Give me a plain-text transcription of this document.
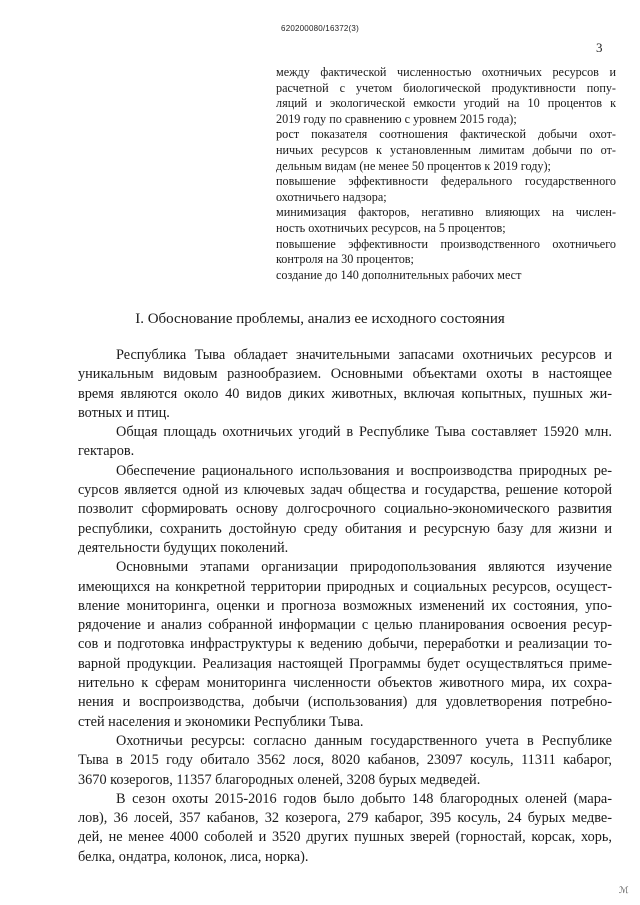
620200080/16372(3)
3
между фактической численностью охотничьих ресурсов и
расчетной с учетом биологической продуктивности попу-
ляций и экологической емкости угодий на 10 процентов к
2019 году по сравнению с уровнем 2015 года);
рост показателя соотношения фактической добычи охот-
ничьих ресурсов к установленным лимитам добычи по от-
дельным видам (не менее 50 процентов к 2019 году);
повышение эффективности федерального государственного
охотничьего надзора;
минимизация факторов, негативно влияющих на числен-
ность охотничьих ресурсов, на 5 процентов;
повышение эффективности производственного охотничьего
контроля на 30 процентов;
создание до 140 дополнительных рабочих мест
I. Обоснование проблемы, анализ ее исходного состояния
Республика Тыва обладает значительными запасами охотничьих ресурсов и
уникальным видовым разнообразием. Основными объектами охоты в настоящее
время являются около 40 видов диких животных, включая копытных, пушных жи-
вотных и птиц.
Общая площадь охотничьих угодий в Республике Тыва составляет 15920 млн.
гектаров.
Обеспечение рационального использования и воспроизводства природных ре-
сурсов является одной из ключевых задач общества и государства, решение которой
позволит сформировать основу долгосрочного социально-экономического развития
республики, сохранить достойную среду обитания и ресурсную базу для жизни и
деятельности будущих поколений.
Основными этапами организации природопользования являются изучение
имеющихся на конкретной территории природных и социальных ресурсов, осущест-
вление мониторинга, оценки и прогноза возможных изменений их состояния, упо-
рядочение и анализ собранной информации с целью планирования освоения ресур-
сов и подготовка инфраструктуры к ведению добычи, переработки и реализации то-
варной продукции. Реализация настоящей Программы будет осуществляться приме-
нительно к сферам мониторинга численности объектов животного мира, их сохра-
нения и воспроизводства, добычи (использования) для удовлетворения потребно-
стей населения и экономики Республики Тыва.
Охотничьи ресурсы: согласно данным государственного учета в Республике
Тыва в 2015 году обитало 3562 лося, 8020 кабанов, 23097 косуль, 11311 кабарог,
3670 козерогов, 11357 благородных оленей, 3208 бурых медведей.
В сезон охоты 2015-2016 годов было добыто 148 благородных оленей (мара-
лов), 36 лосей, 357 кабанов, 32 козерога, 279 кабарог, 395 косуль, 24 бурых медве-
дей, не менее 4000 соболей и 3520 других пушных зверей (горностай, корсак, хорь,
белка, ондатра, колонок, лиса, норка).
ℳ
